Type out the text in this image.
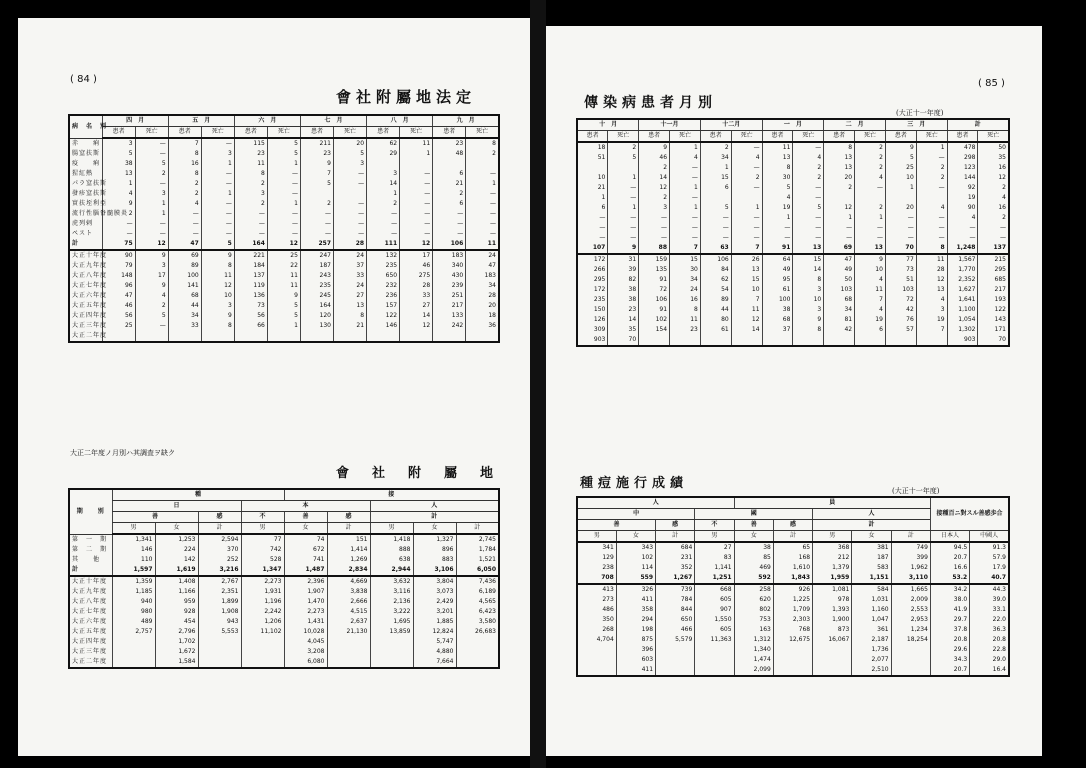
( 84 )
會社附屬地法定
病　名　別	四　月		五　月		六　月		七　月		八　月		九　月	
	患者	死亡	患者	死亡	患者	死亡	患者	死亡	患者	死亡	患者	死亡
赤　　痢	3	—	7	—	115	5	211	20	62	11	23	8
腸窒扶斯	5	—	8	3	23	5	23	5	29	1	48	2
疫　　痢	38	5	16	1	11	1	9	3				
猩紅熱	13	2	8	—	8	—	7	—	3	—	6	—
パラ窒扶斯	1	—	2	—	2	—	5	—	14	—	21	1
發疹窒扶斯	4	3	2	1	3	—			1	—	2	—
實扶垤利亞	9	1	4	—	2	1	2	—	2	—	6	—
流行性腦脊髓膜炎	2	1	—	—	—	—	—	—	—	—	—	—
虎列剌	—	—	—	—	—	—	—	—	—	—	—	—
ペスト	—	—	—	—	—	—	—	—	—	—	—	—
計	75	12	47	5	164	12	257	28	111	12	106	11
大正十年度	90	9	69	9	221	25	247	24	132	17	183	24
大正九年度	79	3	89	8	184	22	187	37	235	46	340	47
大正八年度	148	17	100	11	137	11	243	33	650	275	430	183
大正七年度	96	9	141	12	119	11	235	24	232	28	239	34
大正六年度	47	4	68	10	136	9	245	27	236	33	251	28
大正五年度	46	2	44	3	73	5	164	13	157	27	217	20
大正四年度	56	5	34	9	56	5	120	8	122	14	133	18
大正三年度	25	—	33	8	66	1	130	21	146	12	242	36
大正二年度												
大正二年度ノ月別ハ其調査ヲ缺ク
會　社　附　屬　地
期　　別	種				接				
	日			本			人		
	善		感	不	善	感	計		
	男	女	計	男	女	計	男	女	計
第　一　期	1,341	1,253	2,594	77	74	151	1,418	1,327	2,745
第　二　期	146	224	370	742	672	1,414	888	896	1,784
其　　他	110	142	252	528	741	1,269	638	883	1,521
計	1,597	1,619	3,216	1,347	1,487	2,834	2,944	3,106	6,050
大正十年度	1,359	1,408	2,767	2,273	2,396	4,669	3,632	3,804	7,436
大正九年度	1,185	1,166	2,351	1,931	1,907	3,838	3,116	3,073	6,189
大正八年度	940	959	1,899	1,196	1,470	2,666	2,136	2,429	4,565
大正七年度	980	928	1,908	2,242	2,273	4,515	3,222	3,201	6,423
大正六年度	489	454	943	1,206	1,431	2,637	1,695	1,885	3,580
大正五年度	2,757	2,796	5,553	11,102	10,028	21,130	13,859	12,824	26,683
大正四年度		1,702			4,045			5,747	
大正三年度		1,672			3,208			4,880	
大正二年度		1,584			6,080			7,664	
( 85 )
傳染病患者月別
(大正十一年度)
十　月		十一月		十二月		一　月		二　月		三　月		計	
患者	死亡	患者	死亡	患者	死亡	患者	死亡	患者	死亡	患者	死亡	患者	死亡
18	2	9	1	2	—	11	—	8	2	9	1	478	50
51	5	46	4	34	4	13	4	13	2	5	—	298	35
		2	—	1	—	8	2	13	2	25	2	123	16
10	1	14	—	15	2	30	2	20	4	10	2	144	12
21	—	12	1	6	—	5	—	2	—	1	—	92	2
1	—	2	—			4	—					19	4
6	1	3	1	5	1	19	5	12	2	20	4	90	16
—	—	—	—	—	—	1	—	1	1	—	—	4	2
—	—	—	—	—	—	—	—	—	—	—	—	—	—
—	—	—	—	—	—	—	—	—	—	—	—	—	—
107	9	88	7	63	7	91	13	69	13	70	8	1,248	137
172	31	159	15	106	26	64	15	47	9	77	11	1,567	215
266	39	135	30	84	13	49	14	49	10	73	28	1,770	295
295	82	91	34	62	15	95	8	50	4	51	12	2,352	685
172	38	72	24	54	10	61	3	103	11	103	13	1,627	217
235	38	106	16	89	7	100	10	68	7	72	4	1,641	193
150	23	91	8	44	11	38	3	34	4	42	3	1,100	122
126	14	102	11	80	12	68	9	81	19	76	19	1,054	143
309	35	154	23	61	14	37	8	42	6	57	7	1,302	171
903	70											903	70
種痘施行成績	(大正十一年度)
人				員					接種百ニ對スル善感歩合	
中			國			人				
善		感	不	善	感	計				
男	女	計	男	女	計	男	女	計	日本人	中國人
341	343	684	27	38	65	368	381	749	94.5	91.3
129	102	231	83	85	168	212	187	399	20.7	57.9
238	114	352	1,141	469	1,610	1,379	583	1,962	16.6	17.9
708	559	1,267	1,251	592	1,843	1,959	1,151	3,110	53.2	40.7
413	326	739	668	258	926	1,081	584	1,665	34.2	44.3
273	411	784	605	620	1,225	978	1,031	2,009	38.0	39.0
486	358	844	907	802	1,709	1,393	1,160	2,553	41.9	33.1
350	294	650	1,550	753	2,303	1,900	1,047	2,953	29.7	22.0
268	198	466	605	163	768	873	361	1,234	37.8	36.3
4,704	875	5,579	11,363	1,312	12,675	16,067	2,187	18,254	20.8	20.8
	396			1,340			1,736		29.6	22.8
	603			1,474			2,077		34.3	29.0
	411			2,099			2,510		20.7	16.4
